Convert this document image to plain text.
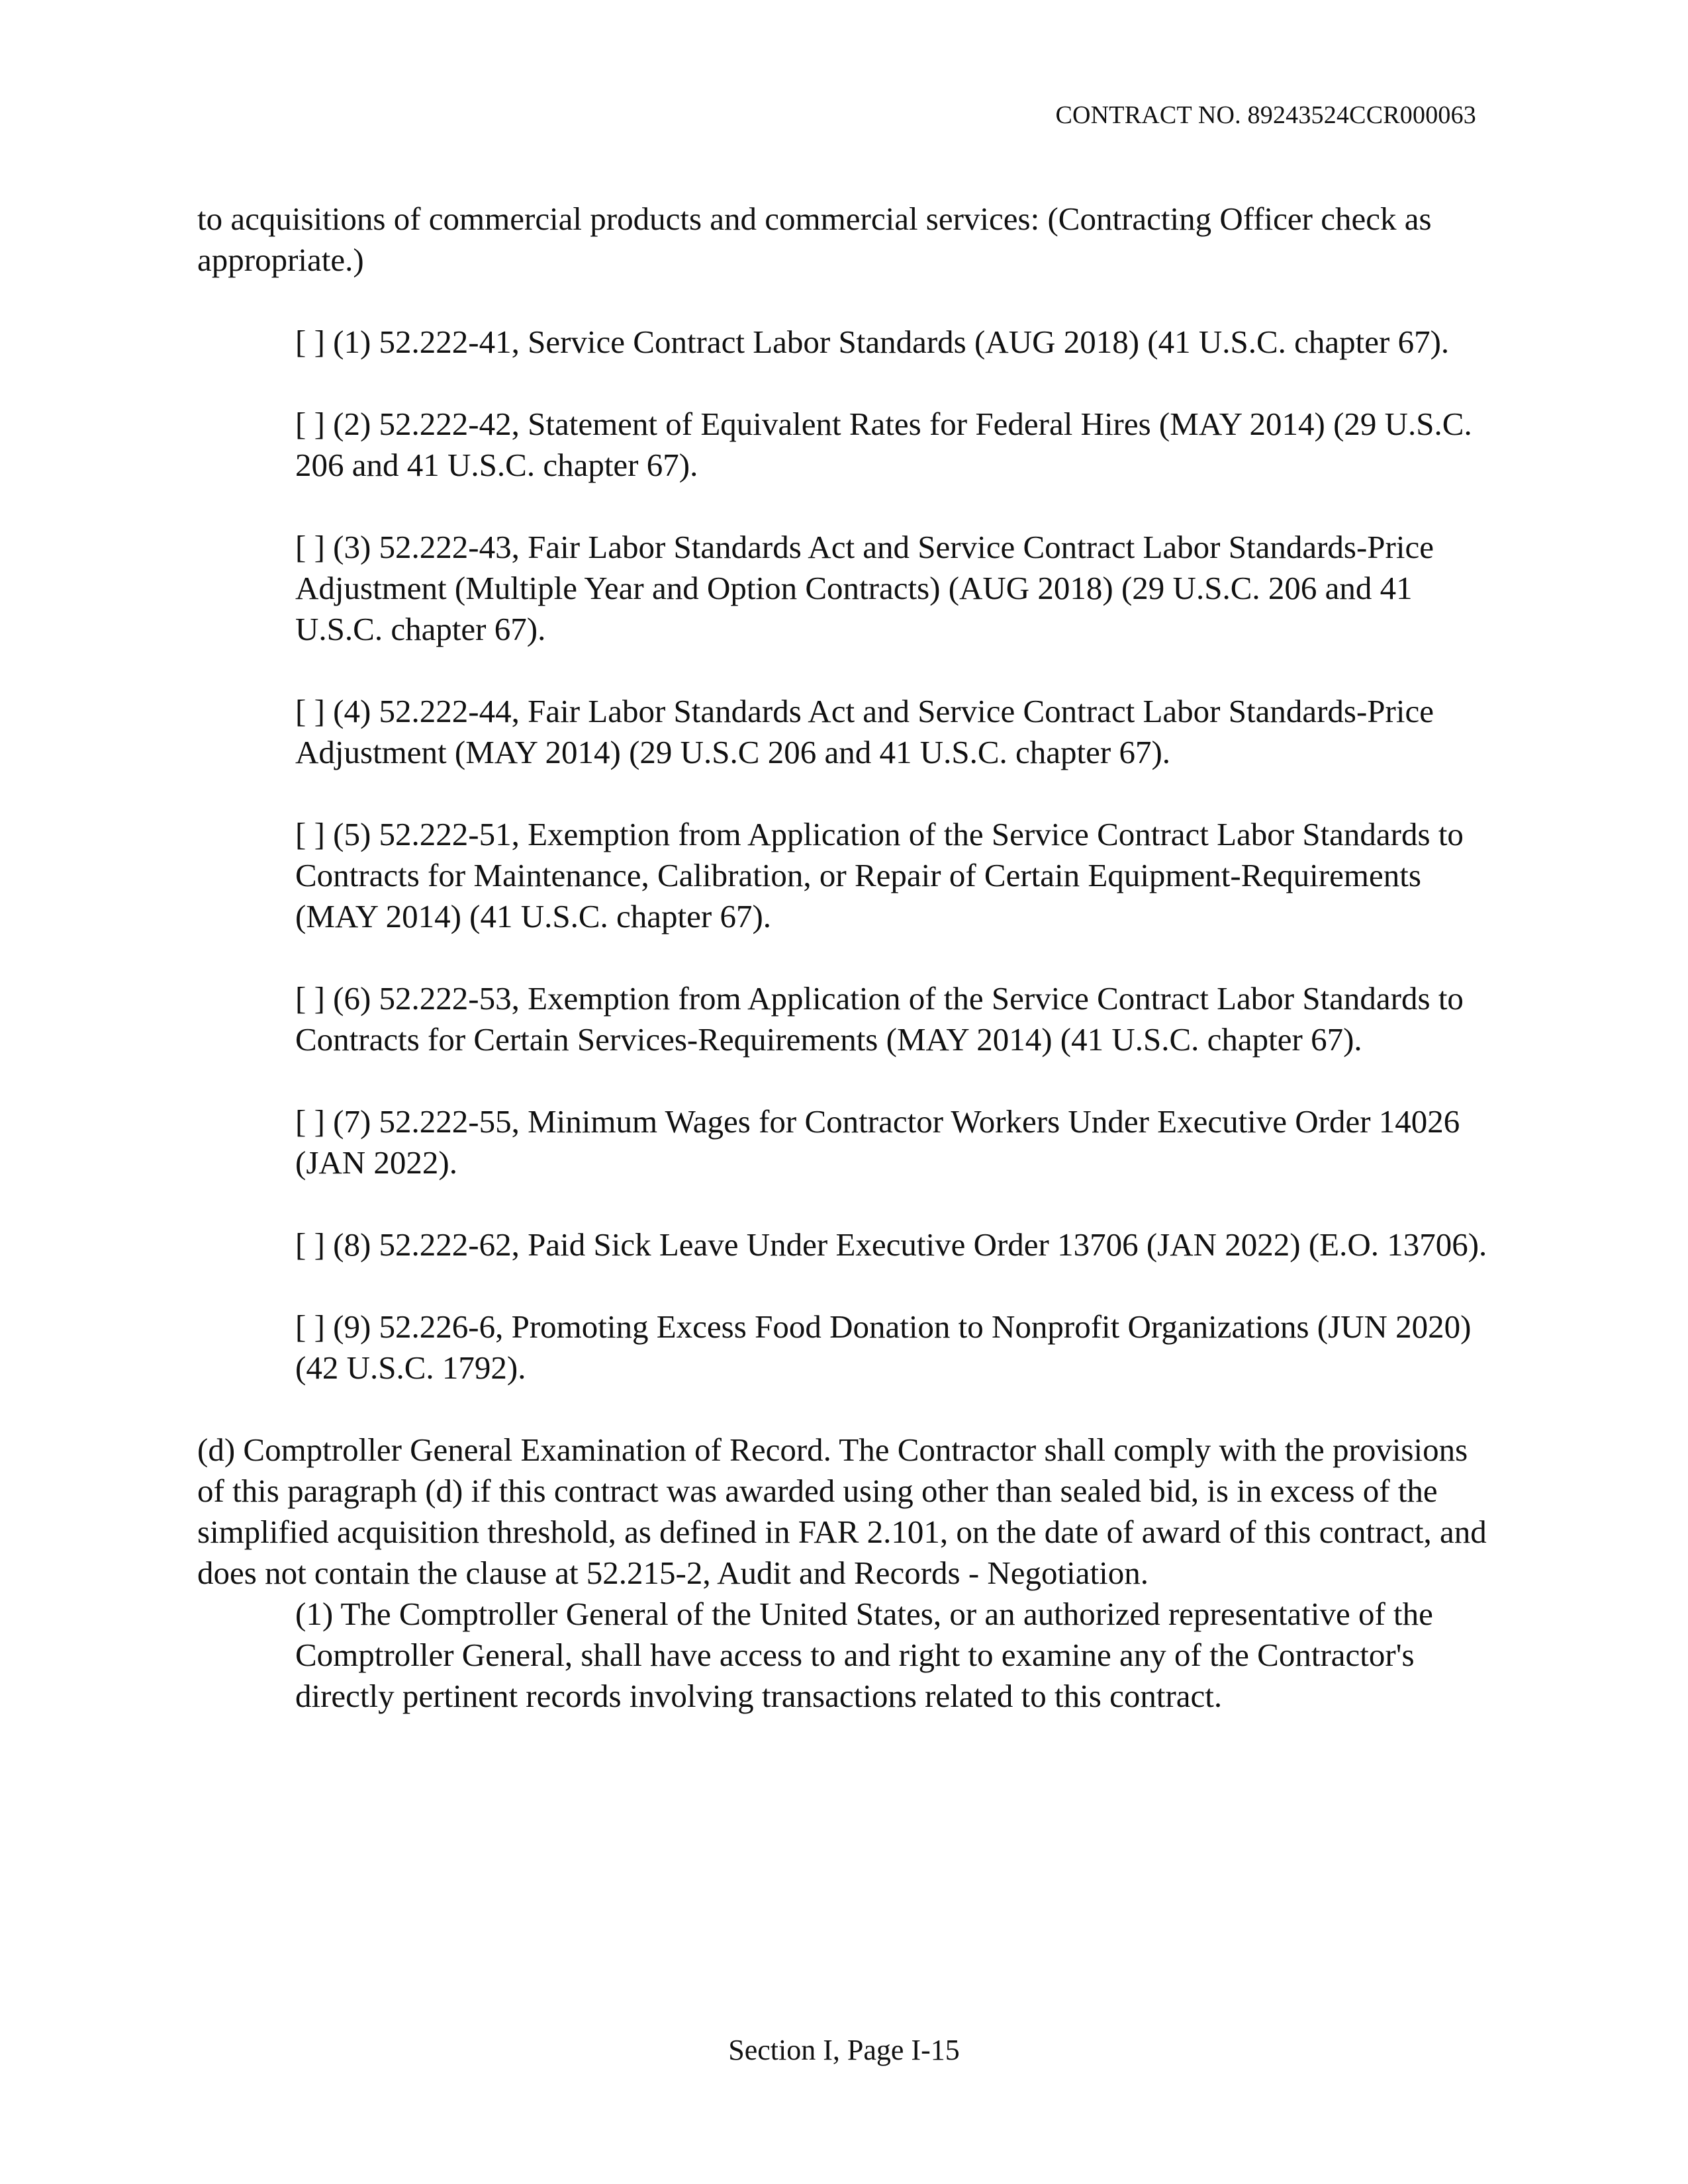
CONTRACT NO. 89243524CCR000063

to acquisitions of commercial products and commercial services: (Contracting Officer check as appropriate.)

[ ] (1) 52.222-41, Service Contract Labor Standards (AUG 2018) (41 U.S.C. chapter 67).

[ ] (2) 52.222-42, Statement of Equivalent Rates for Federal Hires (MAY 2014) (29 U.S.C. 206 and 41 U.S.C. chapter 67).

[ ] (3) 52.222-43, Fair Labor Standards Act and Service Contract Labor Standards-Price Adjustment (Multiple Year and Option Contracts) (AUG 2018) (29 U.S.C. 206 and 41 U.S.C. chapter 67).

[ ] (4) 52.222-44, Fair Labor Standards Act and Service Contract Labor Standards-Price Adjustment (MAY 2014) (29 U.S.C 206 and 41 U.S.C. chapter 67).

[ ] (5) 52.222-51, Exemption from Application of the Service Contract Labor Standards to Contracts for Maintenance, Calibration, or Repair of Certain Equipment-Requirements (MAY 2014) (41 U.S.C. chapter 67).

[ ] (6) 52.222-53, Exemption from Application of the Service Contract Labor Standards to Contracts for Certain Services-Requirements (MAY 2014) (41 U.S.C. chapter 67).

[ ] (7) 52.222-55, Minimum Wages for Contractor Workers Under Executive Order 14026 (JAN 2022).

[ ] (8) 52.222-62, Paid Sick Leave Under Executive Order 13706 (JAN 2022) (E.O. 13706).

[ ] (9) 52.226-6, Promoting Excess Food Donation to Nonprofit Organizations (JUN 2020) (42 U.S.C. 1792).

(d) Comptroller General Examination of Record. The Contractor shall comply with the provisions of this paragraph (d) if this contract was awarded using other than sealed bid, is in excess of the simplified acquisition threshold, as defined in FAR 2.101, on the date of award of this contract, and does not contain the clause at 52.215-2, Audit and Records - Negotiation.

(1) The Comptroller General of the United States, or an authorized representative of the Comptroller General, shall have access to and right to examine any of the Contractor's directly pertinent records involving transactions related to this contract.

Section I, Page I-15
